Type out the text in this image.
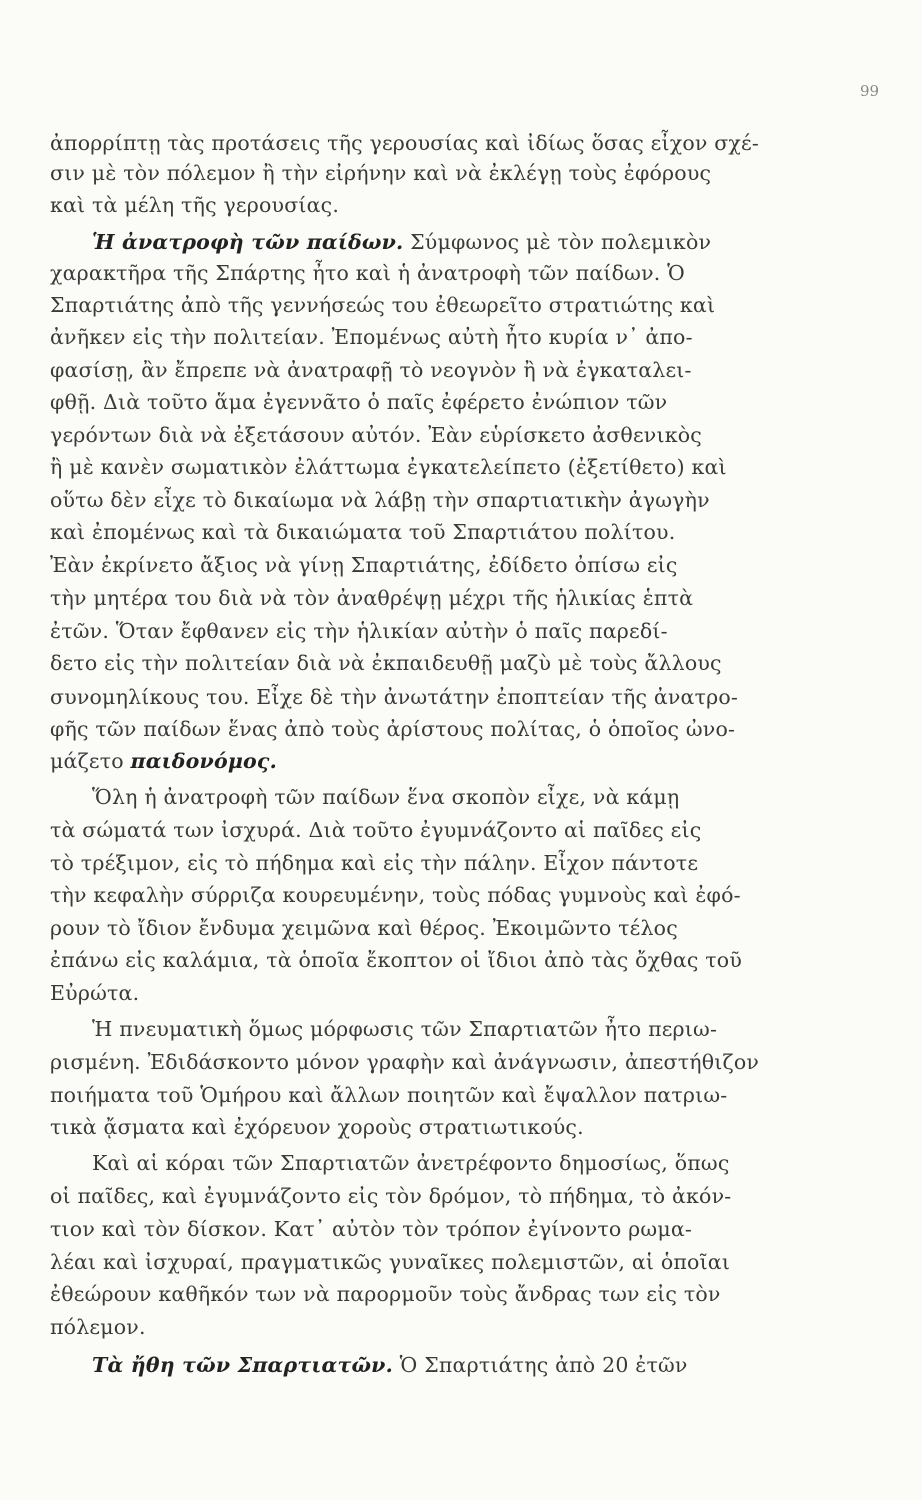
99
ἀπορρίπτῃ τὰς προτάσεις τῆς γερουσίας καὶ ἰδίως ὅσας εἶχον σχέ-
σιν μὲ τὸν πόλεμον ἢ τὴν εἰρήνην καὶ νὰ ἐκλέγῃ τοὺς ἐφόρους
καὶ τὰ μέλη τῆς γερουσίας.
Ἡ ἀνατροφὴ τῶν παίδων. Σύμφωνος μὲ τὸν πολεμικὸν
χαρακτῆρα τῆς Σπάρτης ἦτο καὶ ἡ ἀνατροφὴ τῶν παίδων. Ὁ
Σπαρτιάτης ἀπὸ τῆς γεννήσεώς του ἐθεωρεῖτο στρατιώτης καὶ
ἀνῆκεν εἰς τὴν πολιτείαν. Ἐπομένως αὐτὴ ἦτο κυρία ν᾽ ἀπο-
φασίσῃ, ἂν ἔπρεπε νὰ ἀνατραφῇ τὸ νεογνὸν ἢ νὰ ἐγκαταλει-
φθῇ. Διὰ τοῦτο ἅμα ἐγεννᾶτο ὁ παῖς ἐφέρετο ἐνώπιον τῶν
γερόντων διὰ νὰ ἐξετάσουν αὐτόν. Ἐὰν εὑρίσκετο ἀσθενικὸς
ἢ μὲ κανὲν σωματικὸν ἐλάττωμα ἐγκατελείπετο (ἐξετίθετο) καὶ
οὕτω δὲν εἶχε τὸ δικαίωμα νὰ λάβῃ τὴν σπαρτιατικὴν ἀγωγὴν
καὶ ἐπομένως καὶ τὰ δικαιώματα τοῦ Σπαρτιάτου πολίτου.
Ἐὰν ἐκρίνετο ἄξιος νὰ γίνῃ Σπαρτιάτης, ἐδίδετο ὀπίσω εἰς
τὴν μητέρα του διὰ νὰ τὸν ἀναθρέψῃ μέχρι τῆς ἡλικίας ἑπτὰ
ἐτῶν. Ὅταν ἔφθανεν εἰς τὴν ἡλικίαν αὐτὴν ὁ παῖς παρεδί-
δετο εἰς τὴν πολιτείαν διὰ νὰ ἐκπαιδευθῇ μαζὺ μὲ τοὺς ἄλλους
συνομηλίκους του. Εἶχε δὲ τὴν ἀνωτάτην ἐποπτείαν τῆς ἀνατρο-
φῆς τῶν παίδων ἕνας ἀπὸ τοὺς ἀρίστους πολίτας, ὁ ὁποῖος ὠνο-
μάζετο παιδονόμος.
Ὅλη ἡ ἀνατροφὴ τῶν παίδων ἕνα σκοπὸν εἶχε, νὰ κάμῃ
τὰ σώματά των ἰσχυρά. Διὰ τοῦτο ἐγυμνάζοντο αἱ παῖδες εἰς
τὸ τρέξιμον, εἰς τὸ πήδημα καὶ εἰς τὴν πάλην. Εἶχον πάντοτε
τὴν κεφαλὴν σύρριζα κουρευμένην, τοὺς πόδας γυμνοὺς καὶ ἐφό-
ρουν τὸ ἴδιον ἔνδυμα χειμῶνα καὶ θέρος. Ἐκοιμῶντο τέλος
ἐπάνω εἰς καλάμια, τὰ ὁποῖα ἔκοπτον οἱ ἴδιοι ἀπὸ τὰς ὄχθας τοῦ
Εὐρώτα.
Ἡ πνευματικὴ ὅμως μόρφωσις τῶν Σπαρτιατῶν ἦτο περιω-
ρισμένη. Ἐδιδάσκοντο μόνον γραφὴν καὶ ἀνάγνωσιν, ἀπεστήθιζον
ποιήματα τοῦ Ὁμήρου καὶ ἄλλων ποιητῶν καὶ ἔψαλλον πατριω-
τικὰ ᾄσματα καὶ ἐχόρευον χοροὺς στρατιωτικούς.
Καὶ αἱ κόραι τῶν Σπαρτιατῶν ἀνετρέφοντο δημοσίως, ὅπως
οἱ παῖδες, καὶ ἐγυμνάζοντο εἰς τὸν δρόμον, τὸ πήδημα, τὸ ἀκόν-
τιον καὶ τὸν δίσκον. Κατ᾽ αὐτὸν τὸν τρόπον ἐγίνοντο ρωμα-
λέαι καὶ ἰσχυραί, πραγματικῶς γυναῖκες πολεμιστῶν, αἱ ὁποῖαι
ἐθεώρουν καθῆκόν των νὰ παρορμοῦν τοὺς ἄνδρας των εἰς τὸν
πόλεμον.
Τὰ ἤθη τῶν Σπαρτιατῶν. Ὁ Σπαρτιάτης ἀπὸ 20 ἐτῶν
